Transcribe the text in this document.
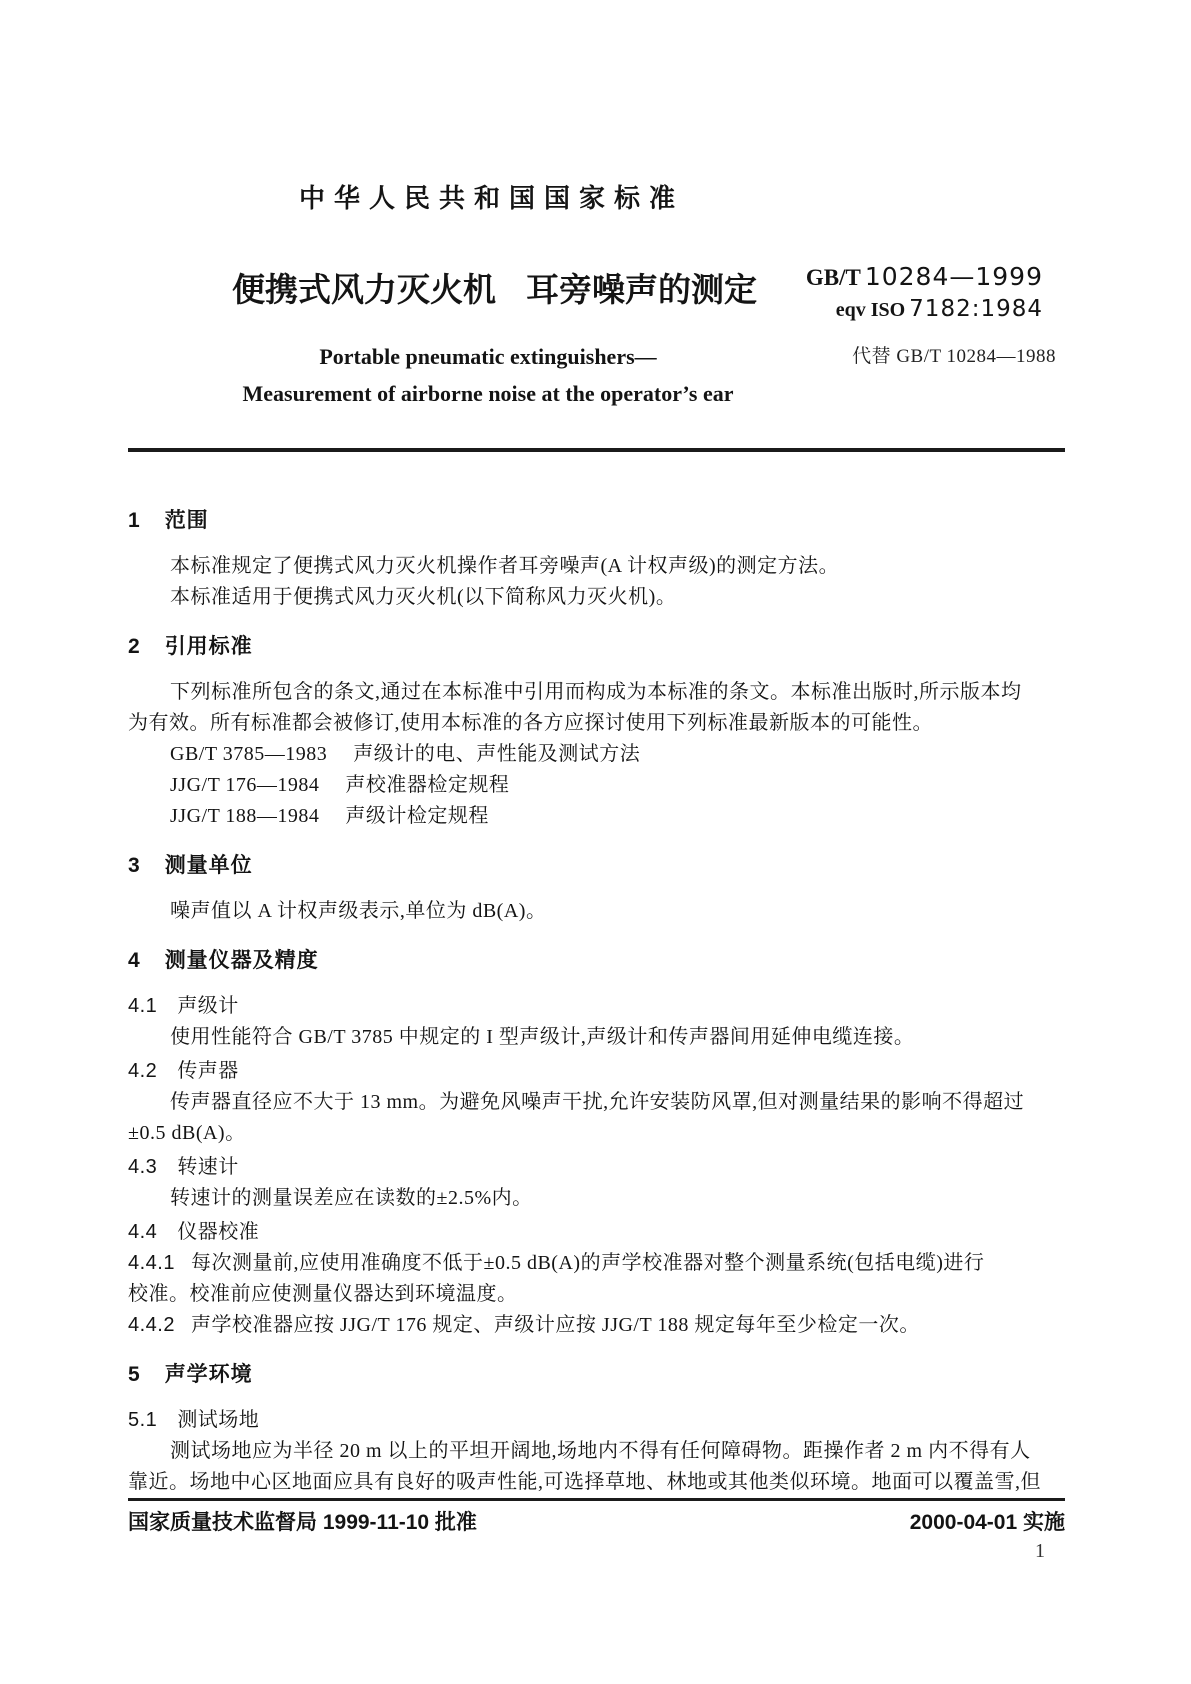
中华人民共和国国家标准
便携式风力灭火机 耳旁噪声的测定 GB/T 10284—1999
eqv ISO 7182:1984
Portable pneumatic extinguishers—
Measurement of airborne noise at the operator’s ear
代替 GB/T 10284—1988
1 范围
本标准规定了便携式风力灭火机操作者耳旁噪声(A 计权声级)的测定方法。
本标准适用于便携式风力灭火机(以下简称风力灭火机)。
2 引用标准
下列标准所包含的条文,通过在本标准中引用而构成为本标准的条文。本标准出版时,所示版本均
为有效。所有标准都会被修订,使用本标准的各方应探讨使用下列标准最新版本的可能性。
GB/T 3785—1983 声级计的电、声性能及测试方法
JJG/T 176—1984 声校准器检定规程
JJG/T 188—1984 声级计检定规程
3 测量单位
噪声值以 A 计权声级表示,单位为 dB(A)。
4 测量仪器及精度
4.1 声级计
使用性能符合 GB/T 3785 中规定的 I 型声级计,声级计和传声器间用延伸电缆连接。
4.2 传声器
传声器直径应不大于 13 mm。为避免风噪声干扰,允许安装防风罩,但对测量结果的影响不得超过
±0.5 dB(A)。
4.3 转速计
转速计的测量误差应在读数的±2.5%内。
4.4 仪器校准
4.4.1 每次测量前,应使用准确度不低于±0.5 dB(A)的声学校准器对整个测量系统(包括电缆)进行
校准。校准前应使测量仪器达到环境温度。
4.4.2 声学校准器应按 JJG/T 176 规定、声级计应按 JJG/T 188 规定每年至少检定一次。
5 声学环境
5.1 测试场地
测试场地应为半径 20 m 以上的平坦开阔地,场地内不得有任何障碍物。距操作者 2 m 内不得有人
靠近。场地中心区地面应具有良好的吸声性能,可选择草地、林地或其他类似环境。地面可以覆盖雪,但
国家质量技术监督局 1999-11-10 批准	2000-04-01 实施
1
